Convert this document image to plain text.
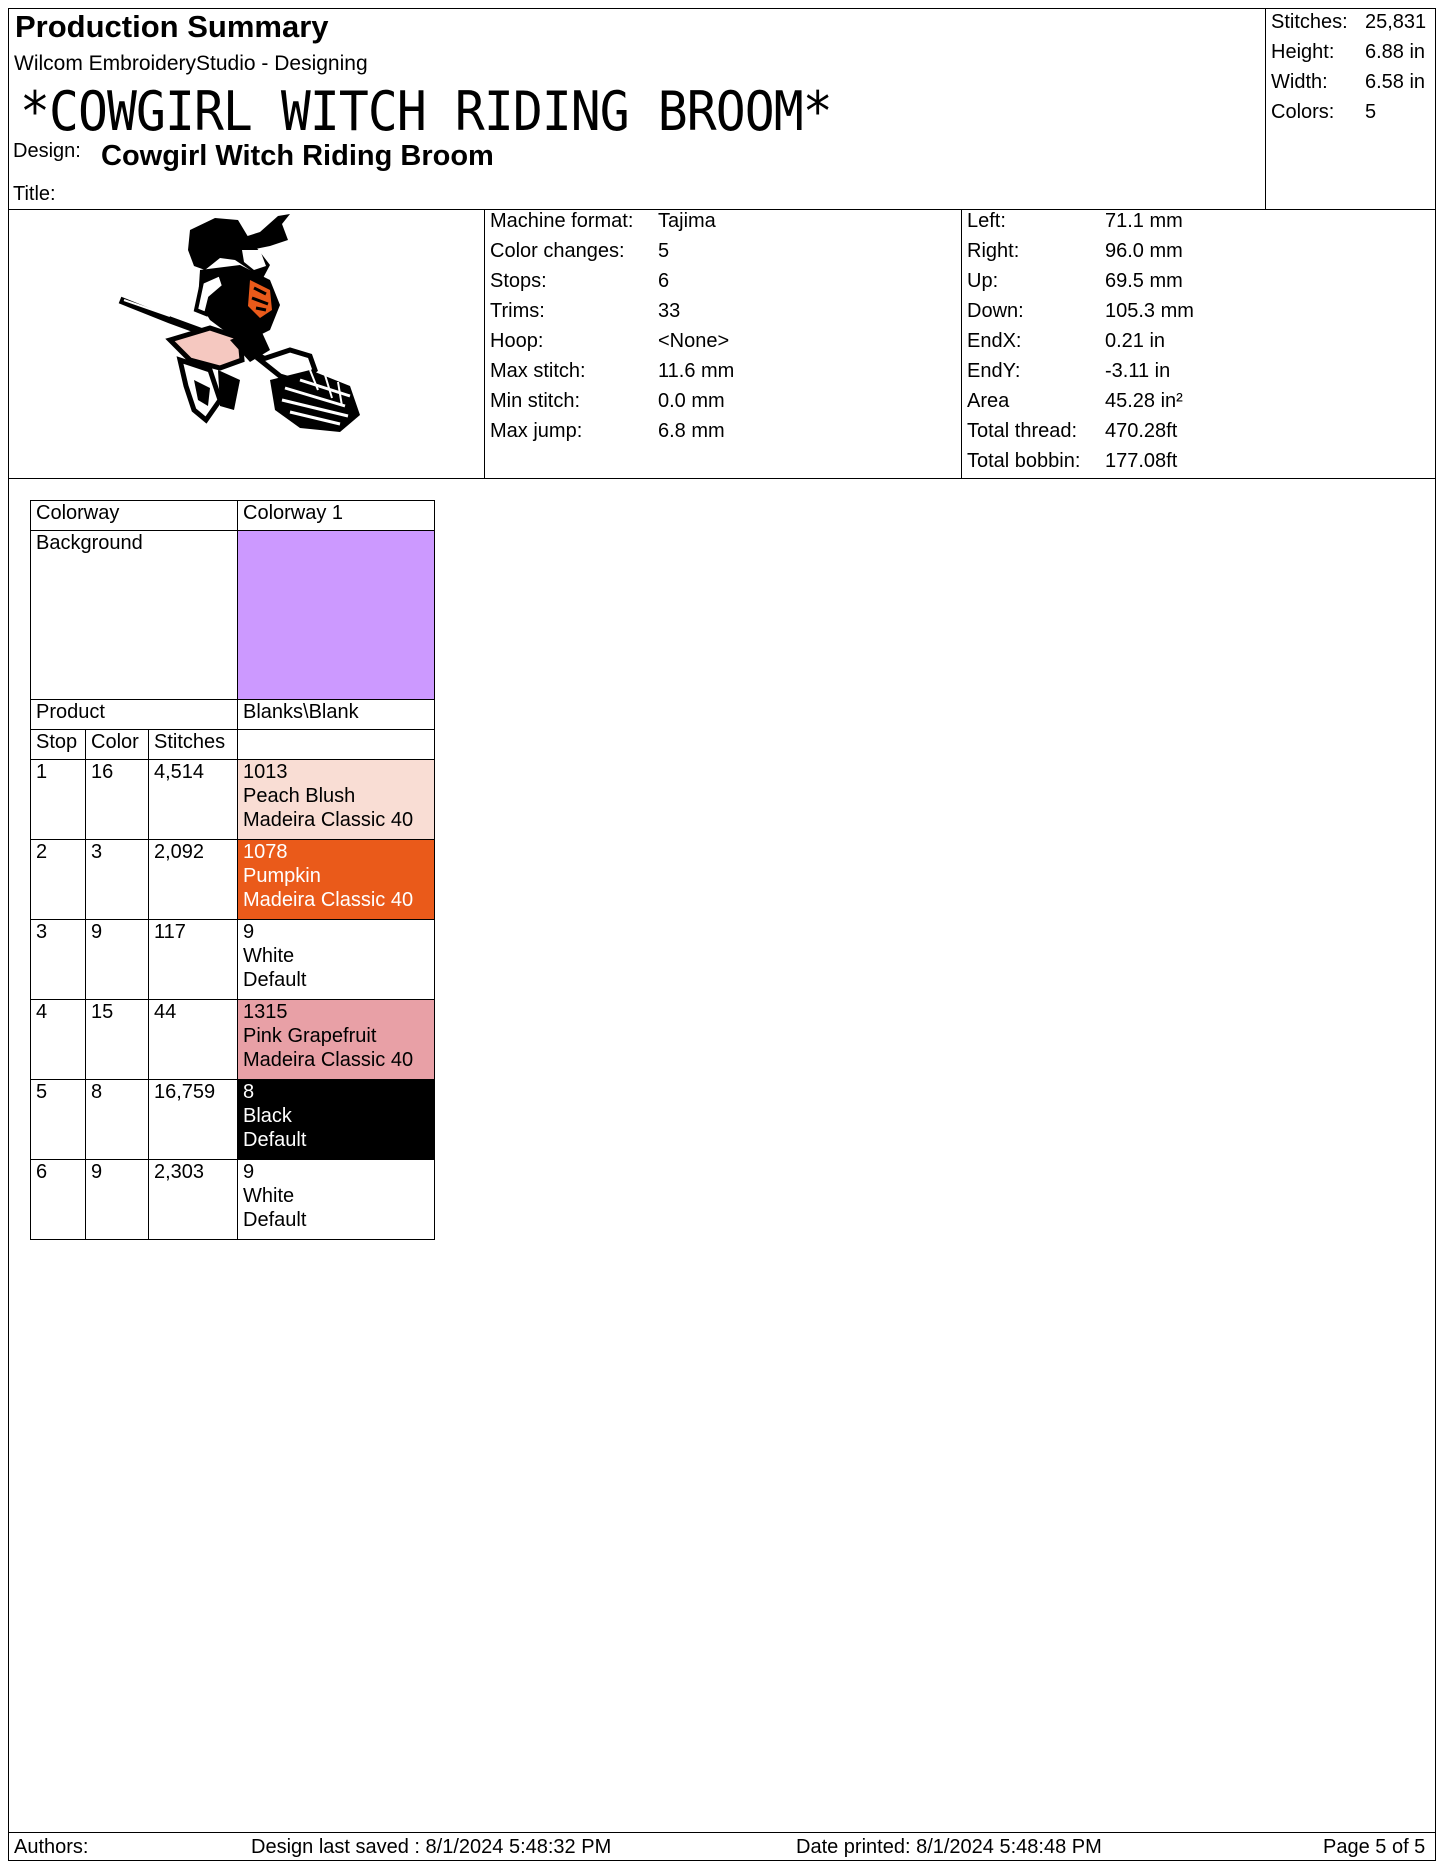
Production Summary
Wilcom EmbroideryStudio - Designing
*COWGIRL WITCH RIDING BROOM*
Design: Cowgirl Witch Riding Broom
Title:
Stitches: 25,831
Height: 6.88 in
Width: 6.58 in
Colors: 5
Machine format: Tajima
Color changes: 5
Stops:	6
Trims:	33
Hoop:	<None>
Max stitch:	11.6 mm
Min stitch:	0.0 mm
Max jump:	6.8 mm
Left:	71.1 mm
Right:	96.0 mm
Up:	69.5 mm
Down:	105.3 mm
EndX:	0.21 in
EndY:	-3.11 in
Area	45.28 in²
Total thread: 470.28ft
Total bobbin: 177.08ft
Colorway			Colorway 1
Background			
Product			Blanks\Blank
Stop	Color	Stitches	
1	16	4,514	1013
Peach Blush
Madeira Classic 40

2	3	2,092	1078
Pumpkin
Madeira Classic 40

3	9	117	9
White
Default

4	15	44	1315
Pink Grapefruit
Madeira Classic 40

5	8	16,759	8
Black
Default

6	9	2,303	9
White
Default
Authors:	Design last saved : 8/1/2024 5:48:32 PM	Date printed: 8/1/2024 5:48:48 PM	Page 5 of 5
